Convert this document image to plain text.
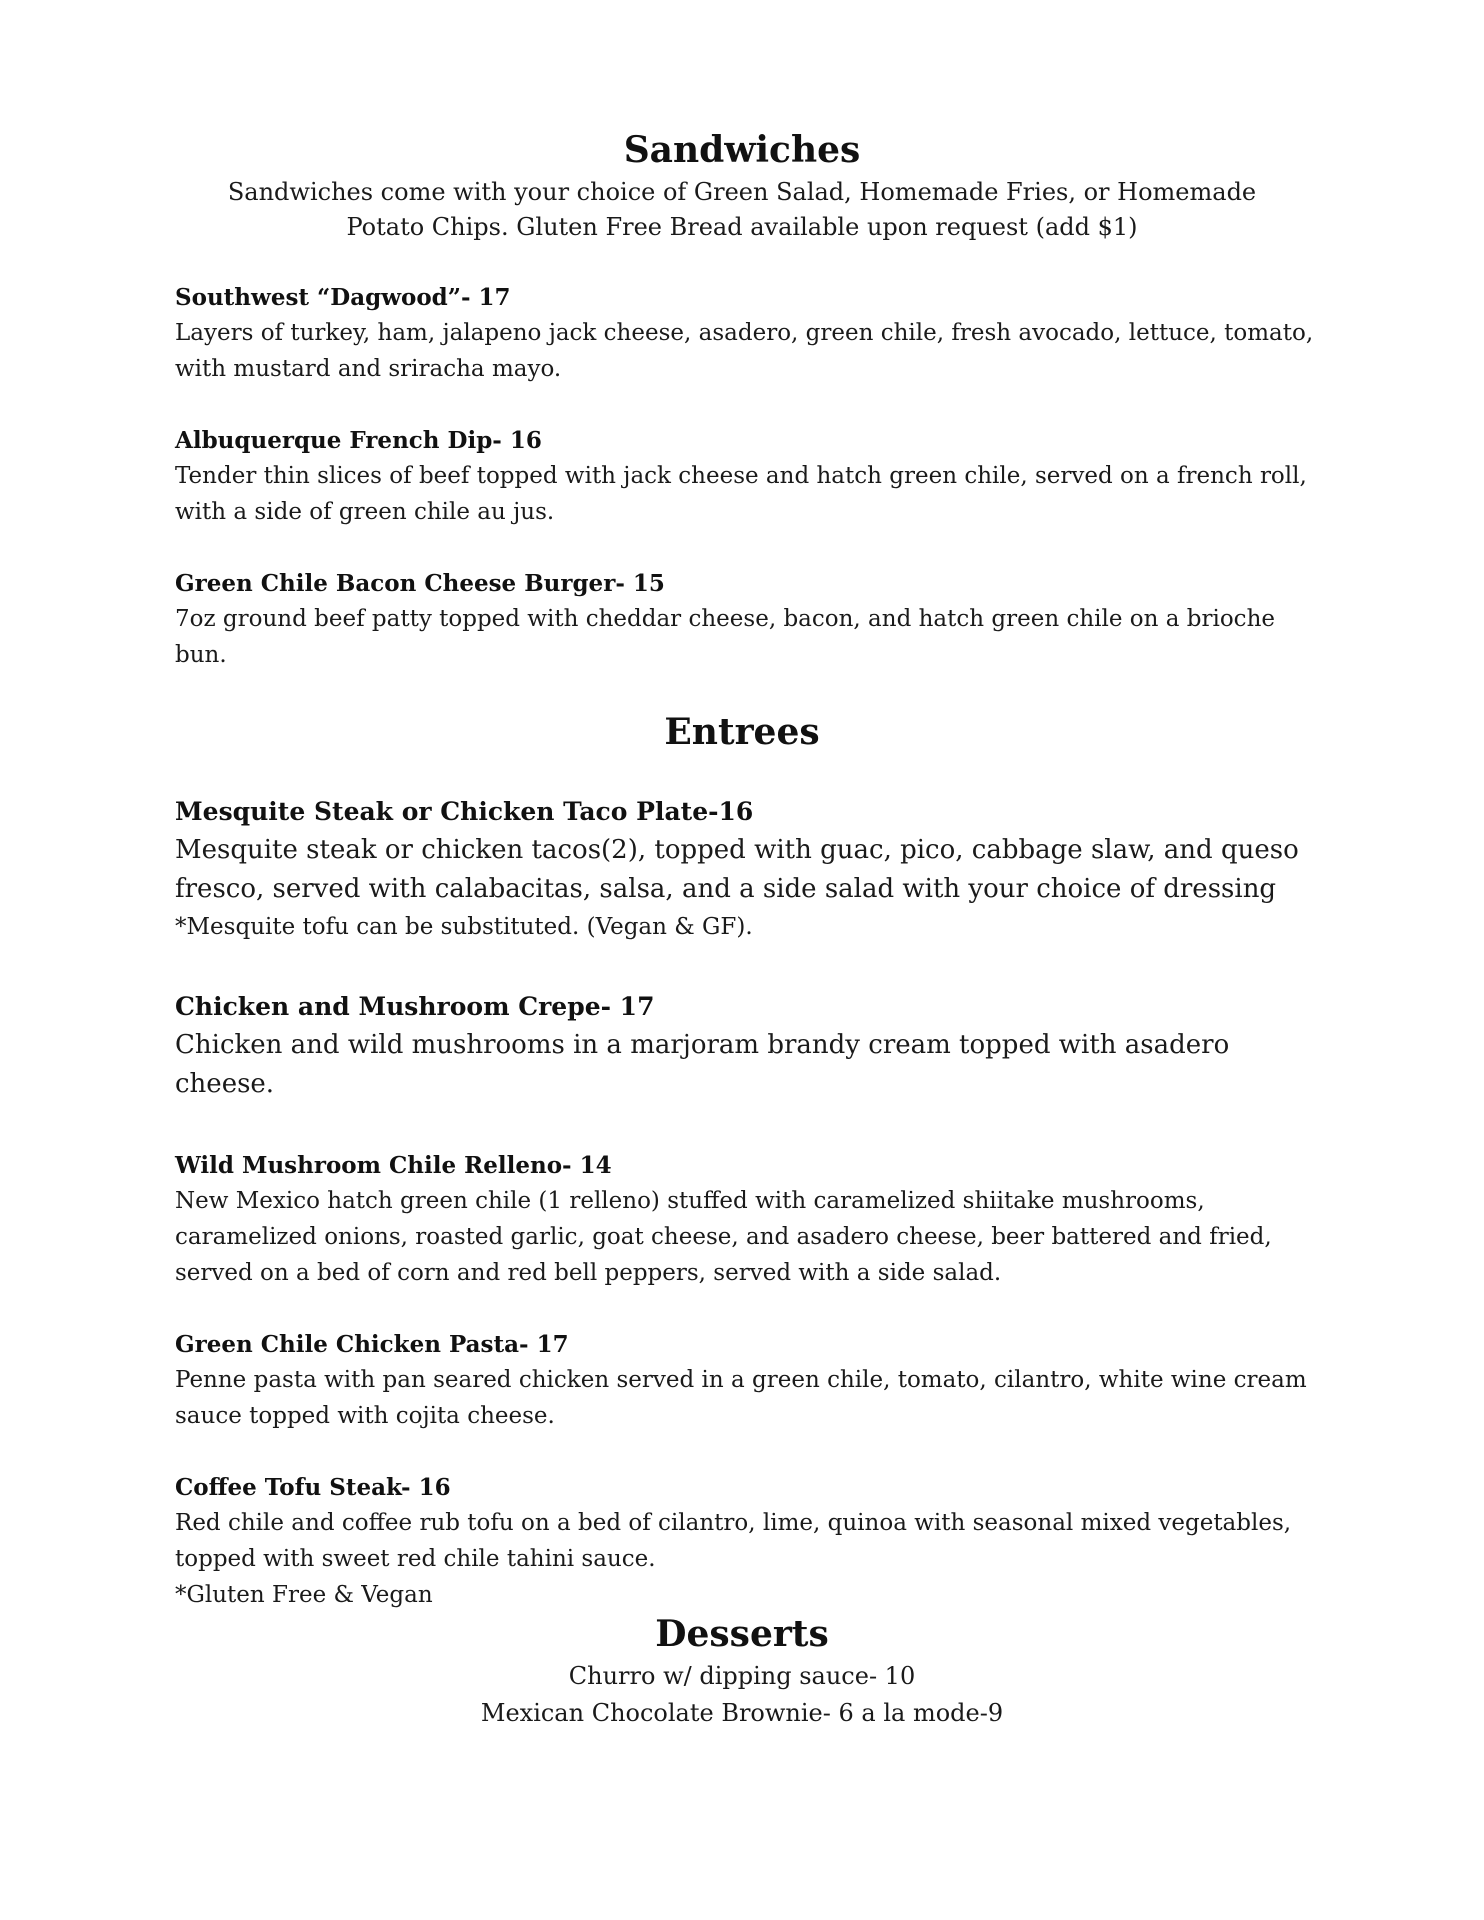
Sandwiches

Sandwiches come with your choice of Green Salad, Homemade Fries, or Homemade Potato Chips. Gluten Free Bread available upon request (add $1)

Southwest “Dagwood”- 17

Layers of turkey, ham, jalapeno jack cheese, asadero, green chile, fresh avocado, lettuce, tomato, with mustard and sriracha mayo.

Albuquerque French Dip- 16

Tender thin slices of beef topped with jack cheese and hatch green chile, served on a french roll, with a side of green chile au jus.

Green Chile Bacon Cheese Burger- 15

7oz ground beef patty topped with cheddar cheese, bacon, and hatch green chile on a brioche bun.

Entrees

Mesquite Steak or Chicken Taco Plate-16

Mesquite steak or chicken tacos(2), topped with guac, pico, cabbage slaw, and queso fresco, served with calabacitas, salsa, and a side salad with your choice of dressing

*Mesquite tofu can be substituted. (Vegan & GF).

Chicken and Mushroom Crepe- 17

Chicken and wild mushrooms in a marjoram brandy cream topped with asadero cheese.

Wild Mushroom Chile Relleno- 14

New Mexico hatch green chile (1 relleno) stuffed with caramelized shiitake mushrooms, caramelized onions, roasted garlic, goat cheese, and asadero cheese, beer battered and fried, served on a bed of corn and red bell peppers, served with a side salad.

Green Chile Chicken Pasta- 17

Penne pasta with pan seared chicken served in a green chile, tomato, cilantro, white wine cream sauce topped with cojita cheese.

Coffee Tofu Steak- 16

Red chile and coffee rub tofu on a bed of cilantro, lime, quinoa with seasonal mixed vegetables, topped with sweet red chile tahini sauce.

*Gluten Free & Vegan

Desserts

Churro w/ dipping sauce- 10

Mexican Chocolate Brownie- 6 a la mode-9
